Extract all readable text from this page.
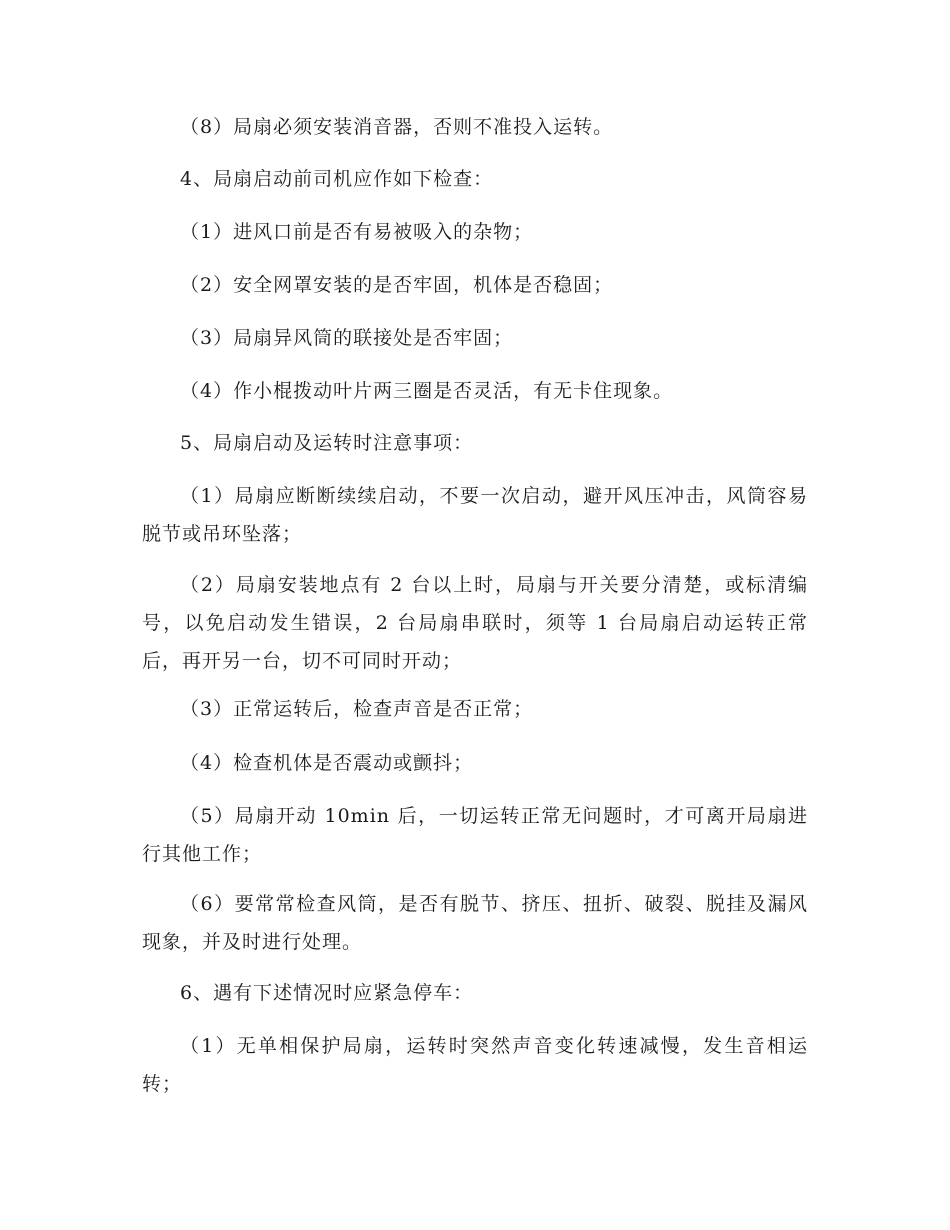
（8）局扇必须安装消音器，否则不准投入运转。

4、局扇启动前司机应作如下检查：

（1）进风口前是否有易被吸入的杂物；

（2）安全网罩安装的是否牢固，机体是否稳固；

（3）局扇异风筒的联接处是否牢固；

（4）作小棍拨动叶片两三圈是否灵活，有无卡住现象。

5、局扇启动及运转时注意事项：

（1）局扇应断断续续启动，不要一次启动，避开风压冲击，风筒容易脱节或吊环坠落；

（2）局扇安装地点有 2 台以上时，局扇与开关要分清楚，或标清编号，以免启动发生错误，2 台局扇串联时，须等 1 台局扇启动运转正常后，再开另一台，切不可同时开动；

（3）正常运转后，检查声音是否正常；

（4）检查机体是否震动或颤抖；

（5）局扇开动 10min 后，一切运转正常无问题时，才可离开局扇进行其他工作；

（6）要常常检查风筒，是否有脱节、挤压、扭折、破裂、脱挂及漏风现象，并及时进行处理。

6、遇有下述情况时应紧急停车：

（1）无单相保护局扇，运转时突然声音变化转速减慢，发生音相运转；
